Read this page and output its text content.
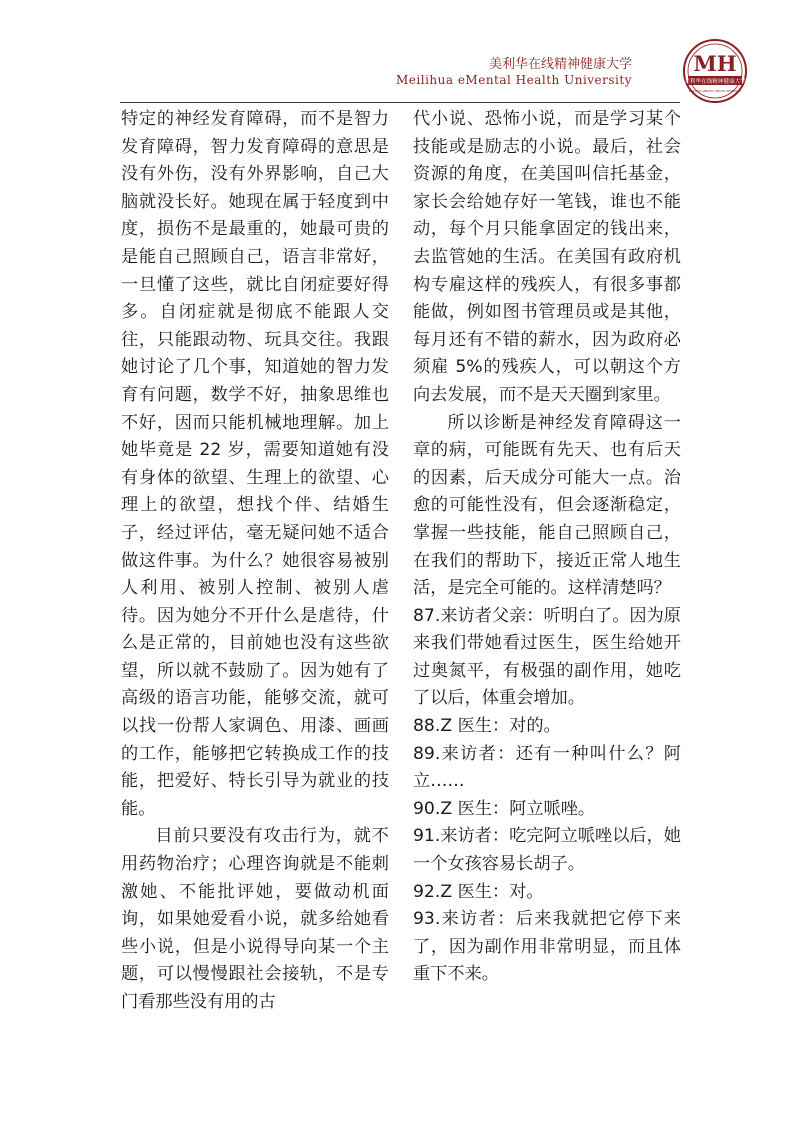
美利华在线精神健康大学
Meilihua eMental Health University
MH
美利华在线精神健康大学
MEILIHUA eMENTAL HEALTH UNIVERSITY

特定的神经发育障碍，而不是智力发育障碍，智力发育障碍的意思是没有外伤，没有外界影响，自己大脑就没长好。她现在属于轻度到中度，损伤不是最重的，她最可贵的是能自己照顾自己，语言非常好，一旦懂了这些，就比自闭症要好得多。自闭症就是彻底不能跟人交往，只能跟动物、玩具交往。我跟她讨论了几个事，知道她的智力发育有问题，数学不好，抽象思维也不好，因而只能机械地理解。加上她毕竟是 22 岁，需要知道她有没有身体的欲望、生理上的欲望、心理上的欲望，想找个伴、结婚生子，经过评估，毫无疑问她不适合做这件事。为什么？她很容易被别人利用、被别人控制、被别人虐待。因为她分不开什么是虐待，什么是正常的，目前她也没有这些欲望，所以就不鼓励了。因为她有了高级的语言功能，能够交流，就可以找一份帮人家调色、用漆、画画的工作，能够把它转换成工作的技能，把爱好、特长引导为就业的技能。

目前只要没有攻击行为，就不用药物治疗；心理咨询就是不能刺激她、不能批评她，要做动机面询，如果她爱看小说，就多给她看些小说，但是小说得导向某一个主题，可以慢慢跟社会接轨，不是专门看那些没有用的古

代小说、恐怖小说，而是学习某个技能或是励志的小说。最后，社会资源的角度，在美国叫信托基金，家长会给她存好一笔钱，谁也不能动，每个月只能拿固定的钱出来，去监管她的生活。在美国有政府机构专雇这样的残疾人，有很多事都能做，例如图书管理员或是其他，每月还有不错的薪水，因为政府必须雇 5%的残疾人，可以朝这个方向去发展，而不是天天圈到家里。

所以诊断是神经发育障碍这一章的病，可能既有先天、也有后天的因素，后天成分可能大一点。治愈的可能性没有，但会逐渐稳定，掌握一些技能，能自己照顾自己，在我们的帮助下，接近正常人地生活，是完全可能的。这样清楚吗？

87.来访者父亲：听明白了。因为原来我们带她看过医生，医生给她开过奥氮平，有极强的副作用，她吃了以后，体重会增加。

88.Z 医生：对的。

89.来访者：还有一种叫什么？阿立……

90.Z 医生：阿立哌唑。

91.来访者：吃完阿立哌唑以后，她一个女孩容易长胡子。

92.Z 医生：对。

93.来访者：后来我就把它停下来了，因为副作用非常明显，而且体重下不来。
